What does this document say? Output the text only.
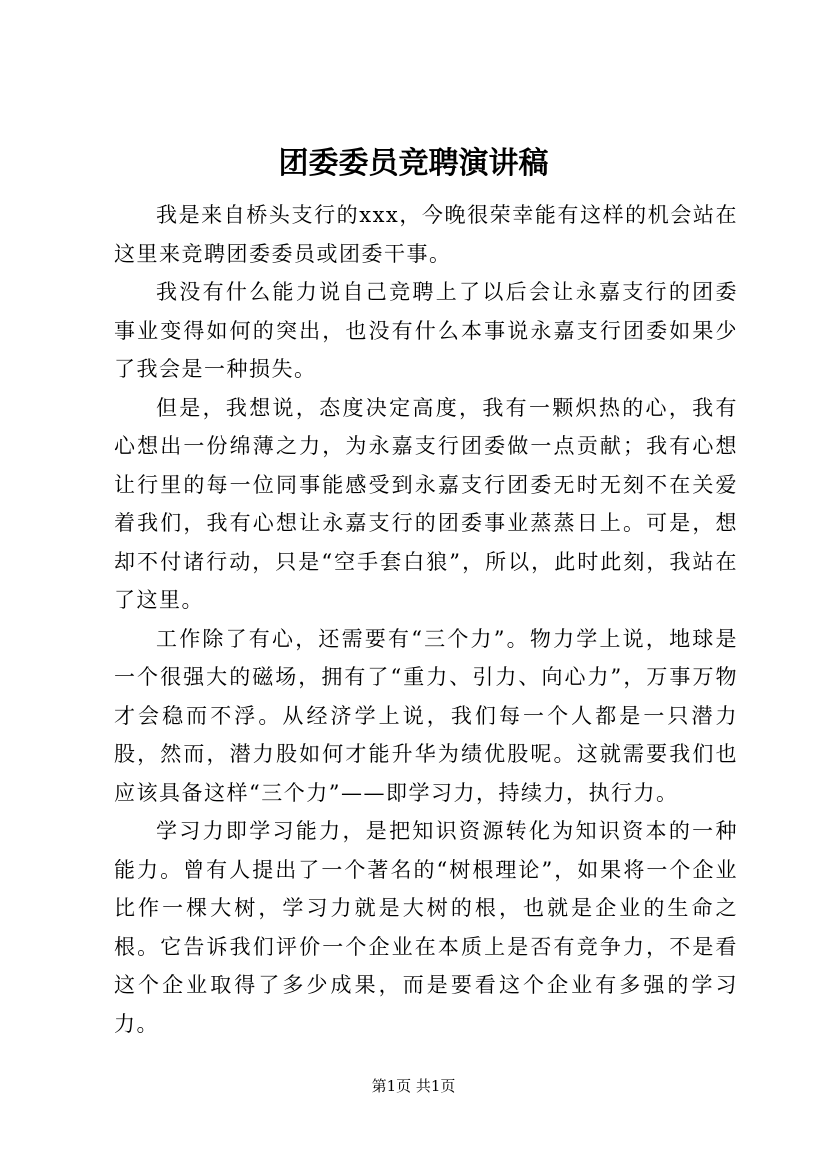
团委委员竞聘演讲稿

我是来自桥头支行的xxx，今晚很荣幸能有这样的机会站在这里来竞聘团委委员或团委干事。

我没有什么能力说自己竞聘上了以后会让永嘉支行的团委事业变得如何的突出，也没有什么本事说永嘉支行团委如果少了我会是一种损失。

但是，我想说，态度决定高度，我有一颗炽热的心，我有心想出一份绵薄之力，为永嘉支行团委做一点贡献；我有心想让行里的每一位同事能感受到永嘉支行团委无时无刻不在关爱着我们，我有心想让永嘉支行的团委事业蒸蒸日上。可是，想却不付诸行动，只是“空手套白狼”，所以，此时此刻，我站在了这里。

工作除了有心，还需要有“三个力”。物力学上说，地球是一个很强大的磁场，拥有了“重力、引力、向心力”，万事万物才会稳而不浮。从经济学上说，我们每一个人都是一只潜力股，然而，潜力股如何才能升华为绩优股呢。这就需要我们也应该具备这样“三个力”——即学习力，持续力，执行力。

学习力即学习能力，是把知识资源转化为知识资本的一种能力。曾有人提出了一个著名的“树根理论”，如果将一个企业比作一棵大树，学习力就是大树的根，也就是企业的生命之根。它告诉我们评价一个企业在本质上是否有竞争力，不是看这个企业取得了多少成果，而是要看这个企业有多强的学习力。

第1页 共1页
